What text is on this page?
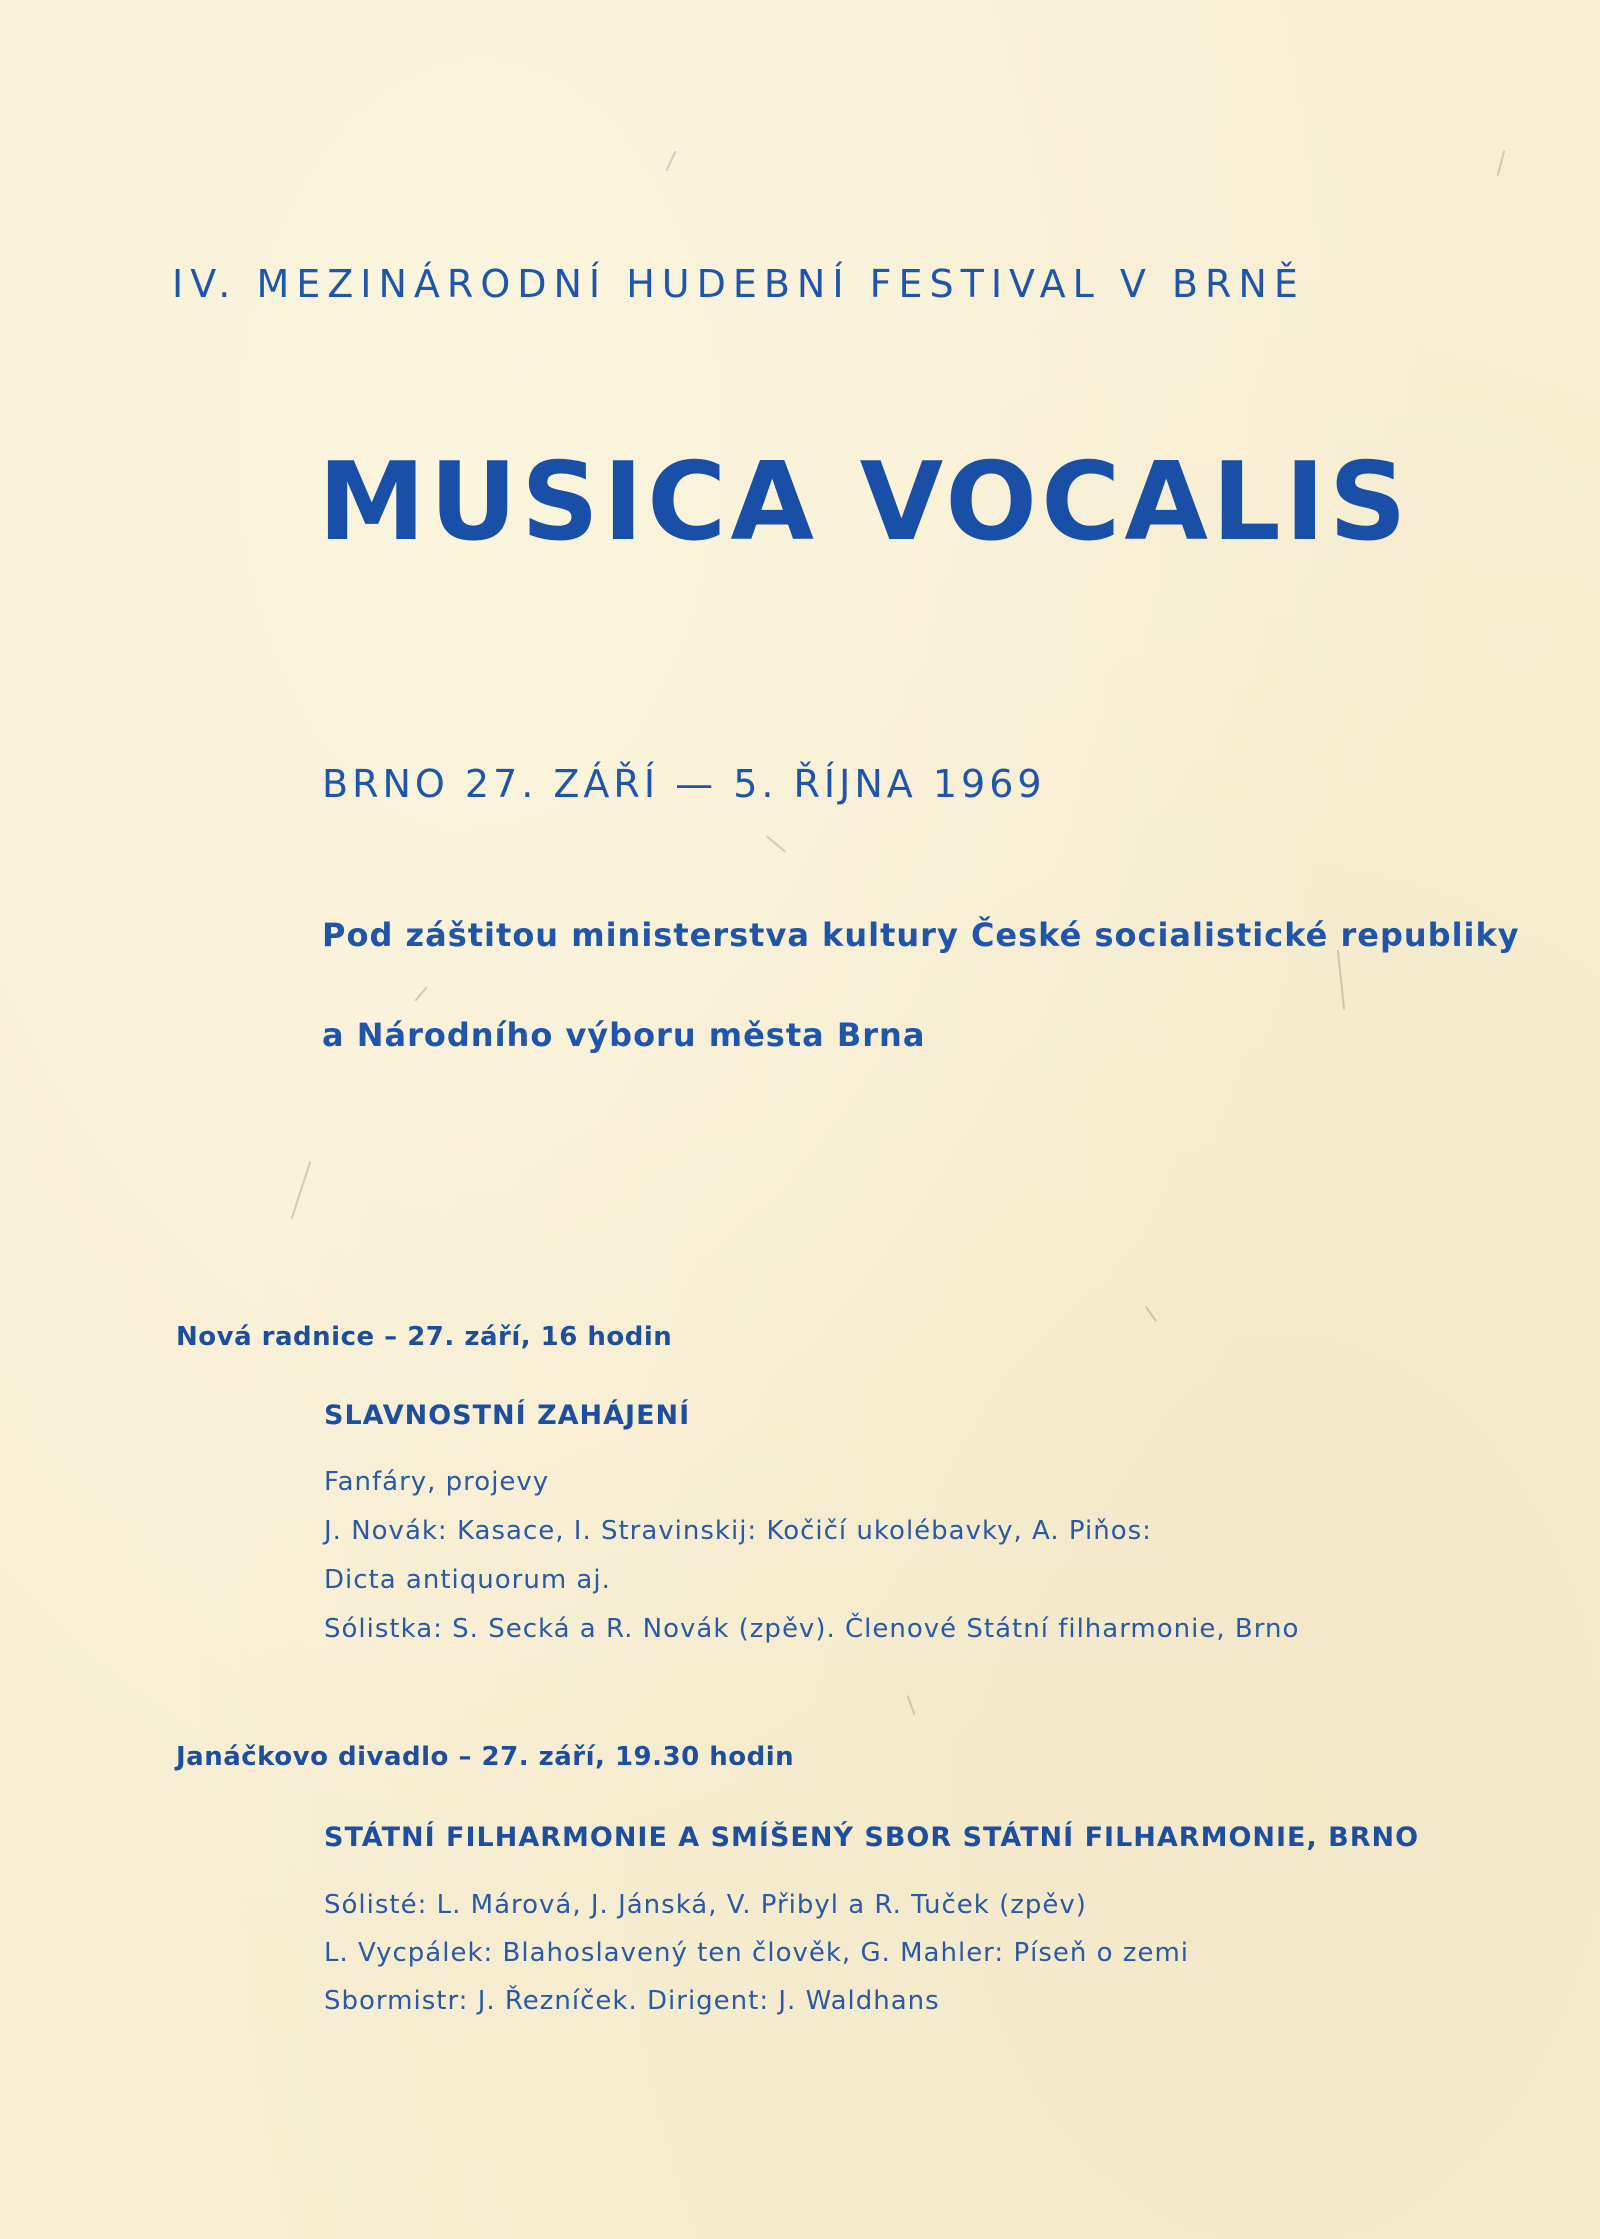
IV. MEZINÁRODNÍ HUDEBNÍ FESTIVAL V BRNĚ
MUSICA VOCALIS
BRNO 27. ZÁŘÍ — 5. ŘÍJNA 1969
Pod záštitou ministerstva kultury České socialistické republiky
a Národního výboru města Brna
Nová radnice – 27. září, 16 hodin
SLAVNOSTNÍ ZAHÁJENÍ
Fanfáry, projevy
J. Novák: Kasace, I. Stravinskij: Kočičí ukolébavky, A. Piňos:
Dicta antiquorum aj.
Sólistka: S. Secká a R. Novák (zpěv). Členové Státní filharmonie, Brno
Janáčkovo divadlo – 27. září, 19.30 hodin
STÁTNÍ FILHARMONIE A SMÍŠENÝ SBOR STÁTNÍ FILHARMONIE, BRNO
Sólisté: L. Márová, J. Jánská, V. Přibyl a R. Tuček (zpěv)
L. Vycpálek: Blahoslavený ten člověk, G. Mahler: Píseň o zemi
Sbormistr: J. Řezníček. Dirigent: J. Waldhans
